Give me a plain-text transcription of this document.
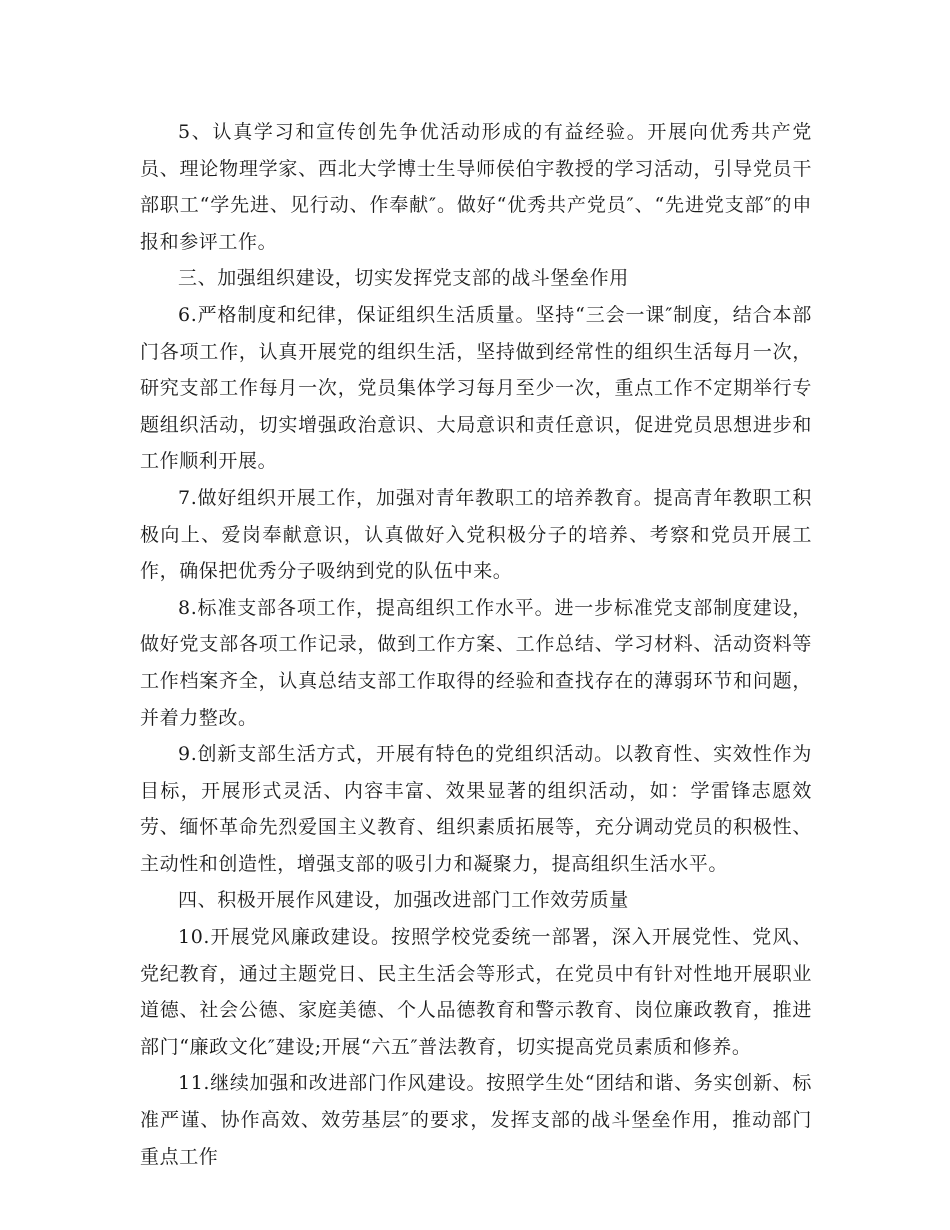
5、认真学习和宣传创先争优活动形成的有益经验。开展向优秀共产党员、理论物理学家、西北大学博士生导师侯伯宇教授的学习活动，引导党员干部职工“学先进、见行动、作奉献″。做好“优秀共产党员″、“先进党支部″的申报和参评工作。

三、加强组织建设，切实发挥党支部的战斗堡垒作用

6.严格制度和纪律，保证组织生活质量。坚持“三会一课″制度，结合本部门各项工作，认真开展党的组织生活，坚持做到经常性的组织生活每月一次，研究支部工作每月一次，党员集体学习每月至少一次，重点工作不定期举行专题组织活动，切实增强政治意识、大局意识和责任意识，促进党员思想进步和工作顺利开展。

7.做好组织开展工作，加强对青年教职工的培养教育。提高青年教职工积极向上、爱岗奉献意识，认真做好入党积极分子的培养、考察和党员开展工作，确保把优秀分子吸纳到党的队伍中来。

8.标准支部各项工作，提高组织工作水平。进一步标准党支部制度建设，做好党支部各项工作记录，做到工作方案、工作总结、学习材料、活动资料等工作档案齐全，认真总结支部工作取得的经验和查找存在的薄弱环节和问题，并着力整改。

9.创新支部生活方式，开展有特色的党组织活动。以教育性、实效性作为目标，开展形式灵活、内容丰富、效果显著的组织活动，如：学雷锋志愿效劳、缅怀革命先烈爱国主义教育、组织素质拓展等，充分调动党员的积极性、主动性和创造性，增强支部的吸引力和凝聚力，提高组织生活水平。

四、积极开展作风建设，加强改进部门工作效劳质量

10.开展党风廉政建设。按照学校党委统一部署，深入开展党性、党风、党纪教育，通过主题党日、民主生活会等形式，在党员中有针对性地开展职业道德、社会公德、家庭美德、个人品德教育和警示教育、岗位廉政教育，推进部门“廉政文化″建设;开展“六五″普法教育，切实提高党员素质和修养。

11.继续加强和改进部门作风建设。按照学生处“团结和谐、务实创新、标准严谨、协作高效、效劳基层″的要求，发挥支部的战斗堡垒作用，推动部门重点工作
